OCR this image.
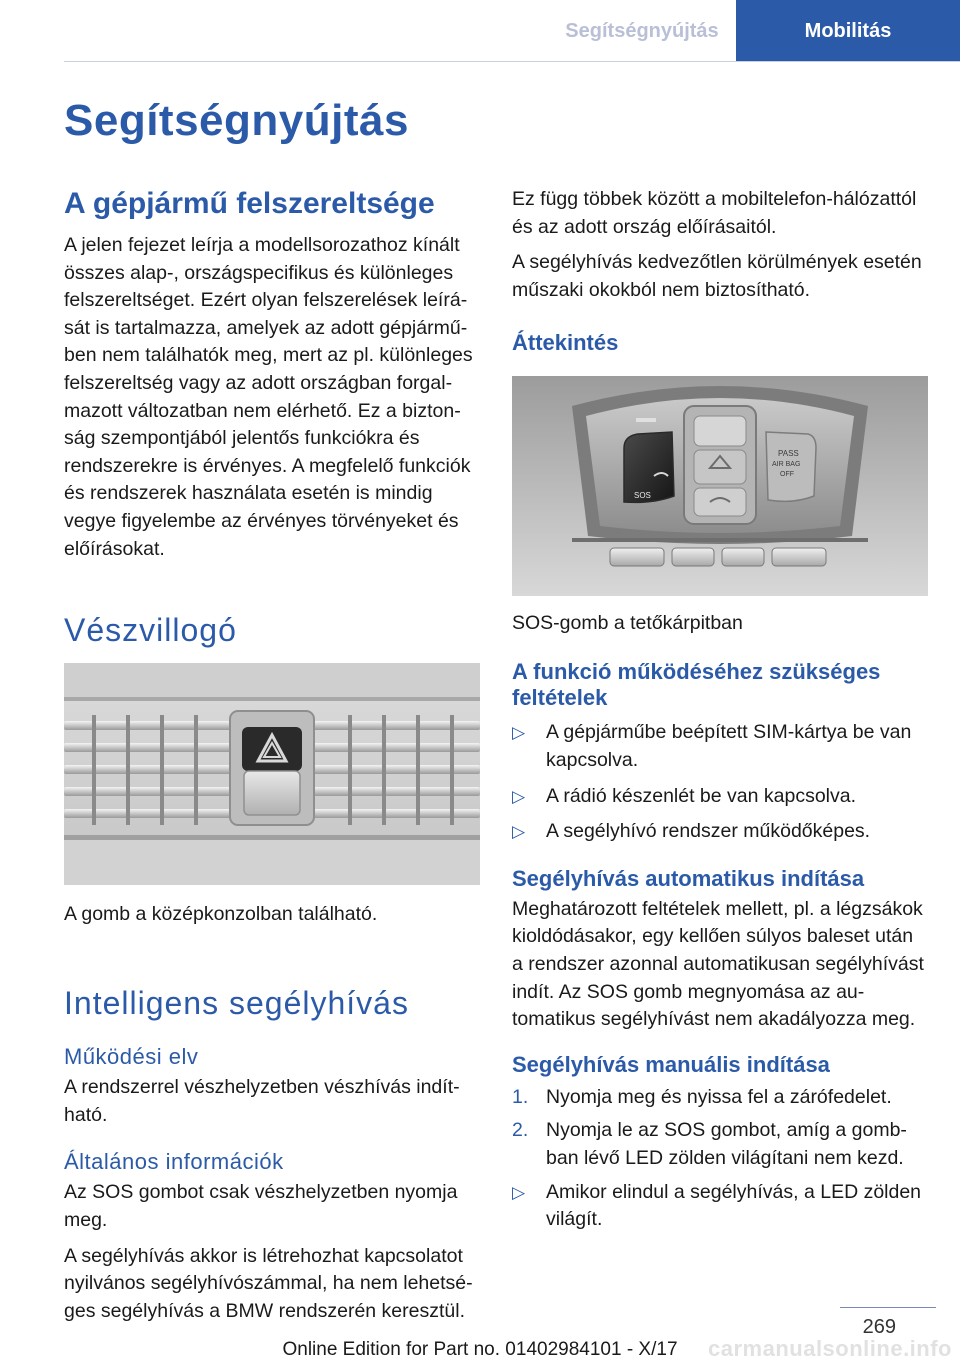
Segítségnyújtás	Mobilitás
Segítségnyújtás
A gépjármű felszereltsége

A jelen fejezet leírja a modellsorozathoz kínált összes alap-, országspecifikus és különleges felszereltséget. Ezért olyan felszerelések leírását is tartalmazza, amelyek az adott gépjárműben nem találhatók meg, mert az pl. különleges felszereltség vagy az adott országban forgalmazott változatban nem elérhető. Ez a biztonság szempontjából jelentős funkciókra és rendszerekre is érvényes. A megfelelő funkciók és rendszerek használata esetén is mindig vegye figyelembe az érvényes törvényeket és előírásokat.

Vészvillogó

A gomb a középkonzolban található.

Intelligens segélyhívás
Működési elv

A rendszerrel vészhelyzetben vészhívás indítható.

Általános információk

Az SOS gombot csak vészhelyzetben nyomja meg.

A segélyhívás akkor is létrehozhat kapcsolatot nyilvános segélyhívószámmal, ha nem lehetséges segélyhívás a BMW rendszerén keresztül.

Ez függ többek között a mobiltelefon-hálózattól és az adott ország előírásaitól.

A segélyhívás kedvezőtlen körülmények esetén műszaki okokból nem biztosítható.

Áttekintés
SOS
PASS
AIR BAG
OFF

SOS-gomb a tetőkárpitban

A funkció működéséhez szükséges feltételek
▷ A gépjárműbe beépített SIM-kártya be van kapcsolva.
▷ A rádió készenlét be van kapcsolva.
▷ A segélyhívó rendszer működőképes.
Segélyhívás automatikus indítása

Meghatározott feltételek mellett, pl. a légzsákok kioldódásakor, egy kellően súlyos baleset után a rendszer azonnal automatikusan segélyhívást indít. Az SOS gomb megnyomása az automatikus segélyhívást nem akadályozza meg.

Segélyhívás manuális indítása
1. Nyomja meg és nyissa fel a zárófedelet.
2. Nyomja le az SOS gombot, amíg a gombban lévő LED zölden világítani nem kezd.
▷ Amikor elindul a segélyhívás, a LED zölden világít.
269
Online Edition for Part no. 01402984101 - X/17	carmanualsonline.info
